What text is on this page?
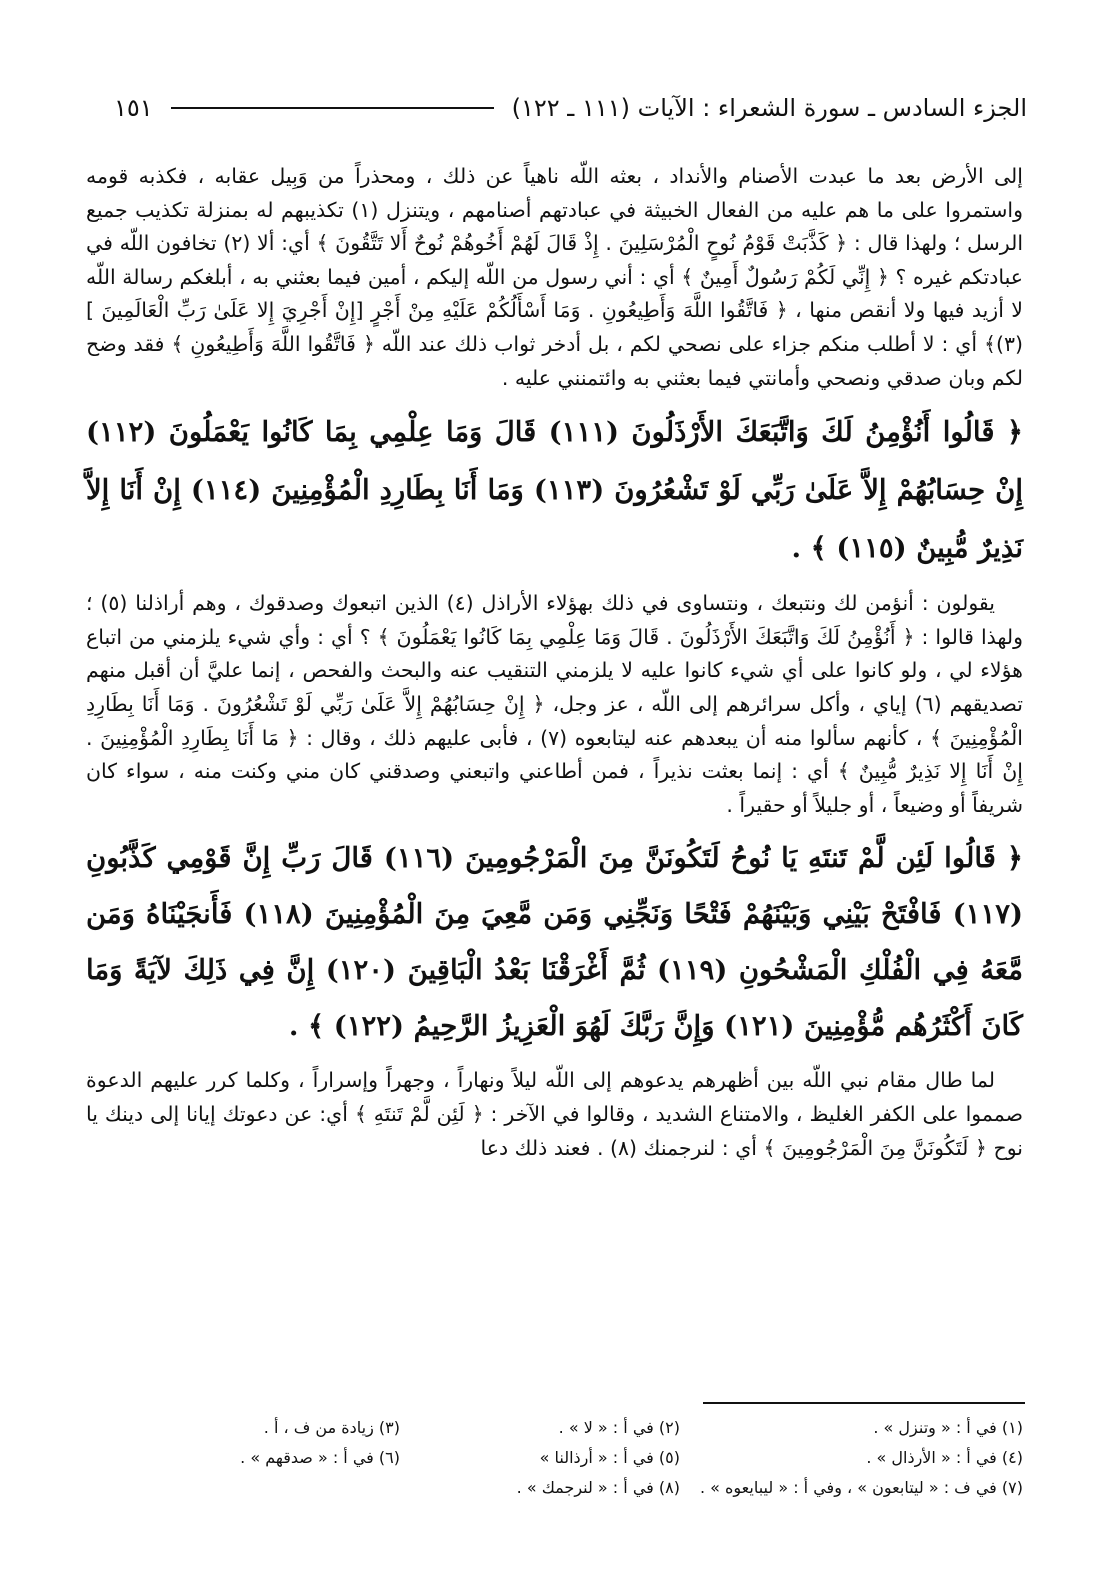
الجزء السادس ـ سورة الشعراء : الآيات (١١١ ـ ١٢٢)
١٥١

إلى الأرض بعد ما عبدت الأصنام والأنداد ، بعثه اللّه ناهياً عن ذلك ، ومحذراً من وَبِيل عقابه ، فكذبه قومه واستمروا على ما هم عليه من الفعال الخبيثة في عبادتهم أصنامهم ، ويتنزل (١) تكذيبهم له بمنزلة تكذيب جميع الرسل ؛ ولهذا قال : ﴿ كَذَّبَتْ قَوْمُ نُوحٍ الْمُرْسَلِينَ . إِذْ قَالَ لَهُمْ أَخُوهُمْ نُوحٌ أَلا تَتَّقُونَ ﴾ أي: ألا (٢) تخافون اللّه في عبادتكم غيره ؟ ﴿ إِنِّي لَكُمْ رَسُولٌ أَمِينٌ ﴾ أي : أني رسول من اللّه إليكم ، أمين فيما بعثني به ، أبلغكم رسالة اللّه لا أزيد فيها ولا أنقص منها ، ﴿ فَاتَّقُوا اللَّهَ وَأَطِيعُونِ . وَمَا أَسْأَلُكُمْ عَلَيْهِ مِنْ أَجْرٍ [إِنْ أَجْرِيَ إِلا عَلَىٰ رَبِّ الْعَالَمِينَ ] (٣)﴾ أي : لا أطلب منكم جزاء على نصحي لكم ، بل أدخر ثواب ذلك عند اللّه ﴿ فَاتَّقُوا اللَّهَ وَأَطِيعُونِ ﴾ فقد وضح لكم وبان صدقي ونصحي وأمانتي فيما بعثني به وائتمنني عليه .

﴿ قَالُوا أَنُؤْمِنُ لَكَ وَاتَّبَعَكَ الأَرْذَلُونَ (١١١) قَالَ وَمَا عِلْمِي بِمَا كَانُوا يَعْمَلُونَ (١١٢) إِنْ حِسَابُهُمْ إِلاَّ عَلَىٰ رَبِّي لَوْ تَشْعُرُونَ (١١٣) وَمَا أَنَا بِطَارِدِ الْمُؤْمِنِينَ (١١٤) إِنْ أَنَا إِلاَّ نَذِيرٌ مُّبِينٌ (١١٥) ﴾ .

يقولون : أنؤمن لك ونتبعك ، ونتساوى في ذلك بهؤلاء الأراذل (٤) الذين اتبعوك وصدقوك ، وهم أراذلنا (٥) ؛ ولهذا قالوا : ﴿ أَنُؤْمِنُ لَكَ وَاتَّبَعَكَ الأَرْذَلُونَ . قَالَ وَمَا عِلْمِي بِمَا كَانُوا يَعْمَلُونَ ﴾ ؟ أي : وأي شيء يلزمني من اتباع هؤلاء لي ، ولو كانوا على أي شيء كانوا عليه لا يلزمني التنقيب عنه والبحث والفحص ، إنما عليَّ أن أقبل منهم تصديقهم (٦) إياي ، وأكل سرائرهم إلى اللّه ، عز وجل، ﴿ إِنْ حِسَابُهُمْ إِلاَّ عَلَىٰ رَبِّي لَوْ تَشْعُرُونَ . وَمَا أَنَا بِطَارِدِ الْمُؤْمِنِينَ ﴾ ، كأنهم سألوا منه أن يبعدهم عنه ليتابعوه (٧) ، فأبى عليهم ذلك ، وقال : ﴿ مَا أَنَا بِطَارِدِ الْمُؤْمِنِينَ . إِنْ أَنَا إِلا نَذِيرٌ مُّبِينٌ ﴾ أي : إنما بعثت نذيراً ، فمن أطاعني واتبعني وصدقني كان مني وكنت منه ، سواء كان شريفاً أو وضيعاً ، أو جليلاً أو حقيراً .

﴿ قَالُوا لَئِن لَّمْ تَنتَهِ يَا نُوحُ لَتَكُونَنَّ مِنَ الْمَرْجُومِينَ (١١٦) قَالَ رَبِّ إِنَّ قَوْمِي كَذَّبُونِ (١١٧) فَافْتَحْ بَيْنِي وَبَيْنَهُمْ فَتْحًا وَنَجِّنِي وَمَن مَّعِيَ مِنَ الْمُؤْمِنِينَ (١١٨) فَأَنجَيْنَاهُ وَمَن مَّعَهُ فِي الْفُلْكِ الْمَشْحُونِ (١١٩) ثُمَّ أَغْرَقْنَا بَعْدُ الْبَاقِينَ (١٢٠) إِنَّ فِي ذَلِكَ لآيَةً وَمَا كَانَ أَكْثَرُهُم مُّؤْمِنِينَ (١٢١) وَإِنَّ رَبَّكَ لَهُوَ الْعَزِيزُ الرَّحِيمُ (١٢٢) ﴾ .

لما طال مقام نبي اللّه بين أظهرهم يدعوهم إلى اللّه ليلاً ونهاراً ، وجهراً وإسراراً ، وكلما كرر عليهم الدعوة صمموا على الكفر الغليظ ، والامتناع الشديد ، وقالوا في الآخر : ﴿ لَئِن لَّمْ تَنتَهِ ﴾ أي: عن دعوتك إيانا إلى دينك يا نوح ﴿ لَتَكُونَنَّ مِنَ الْمَرْجُومِينَ ﴾ أي : لنرجمنك (٨) . فعند ذلك دعا

(١) في أ : « وتنزل » .
(٢) في أ : « لا » .
(٣) زيادة من ف ، أ .
(٤) في أ : « الأرذال » .
(٥) في أ : « أرذالنا »
(٦) في أ : « صدقهم » .
(٧) في ف : « ليتابعون » ، وفي أ : « ليبايعوه » .
(٨) في أ : « لنرجمك » .
